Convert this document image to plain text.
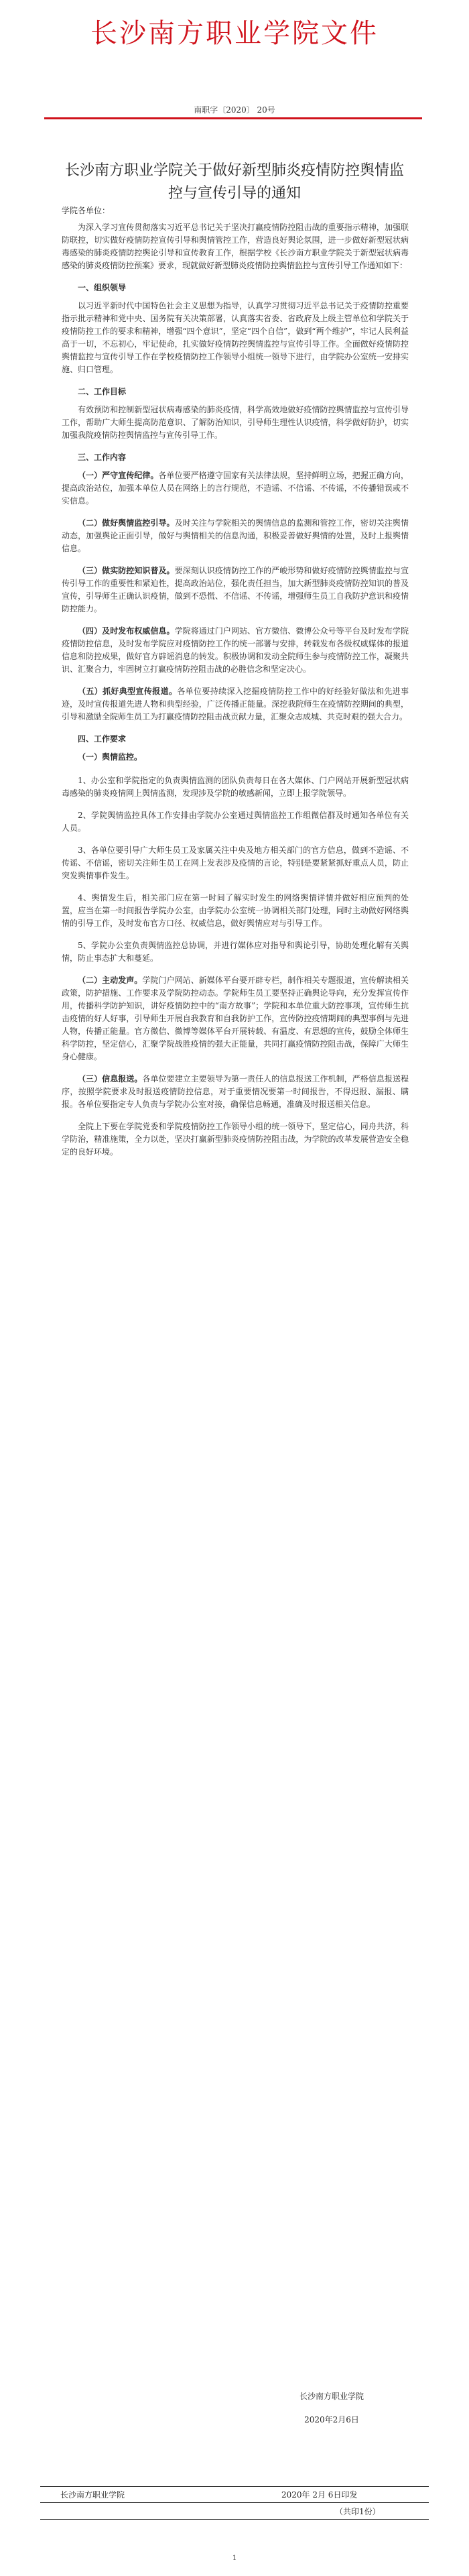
长沙南方职业学院文件
南职字〔2020〕 20号
长沙南方职业学院关于做好新型肺炎疫情防控舆情监控与宣传引导的通知

学院各单位：

为深入学习宣传贯彻落实习近平总书记关于坚决打赢疫情防控阻击战的重要指示精神，加强联防联控，切实做好疫情防控宣传引导和舆情管控工作，营造良好舆论氛围，进一步做好新型冠状病毒感染的肺炎疫情防控舆论引导和宣传教育工作，根据学校《长沙南方职业学院关于新型冠状病毒感染的肺炎疫情防控预案》要求，现就做好新型肺炎疫情防控舆情监控与宣传引导工作通知如下：

一、组织领导

以习近平新时代中国特色社会主义思想为指导，认真学习贯彻习近平总书记关于疫情防控重要指示批示精神和党中央、国务院有关决策部署，认真落实省委、省政府及上级主管单位和学院关于疫情防控工作的要求和精神，增强“四个意识”，坚定“四个自信”，做到“两个维护”，牢记人民利益高于一切，不忘初心，牢记使命，扎实做好疫情防控舆情监控与宣传引导工作。全面做好疫情防控舆情监控与宣传引导工作在学校疫情防控工作领导小组统一领导下进行，由学院办公室统一安排实施、归口管理。

二、工作目标

有效预防和控制新型冠状病毒感染的肺炎疫情，科学高效地做好疫情防控舆情监控与宣传引导工作，帮助广大师生提高防范意识、了解防治知识，引导师生理性认识疫情，科学做好防护，切实加强我院疫情防控舆情监控与宣传引导工作。

三、工作内容

（一）严守宣传纪律。各单位要严格遵守国家有关法律法规，坚持鲜明立场，把握正确方向，提高政治站位，加强本单位人员在网络上的言行规范，不造谣、不信谣、不传谣，不传播错误或不实信息。

（二）做好舆情监控引导。及时关注与学院相关的舆情信息的监测和管控工作，密切关注舆情动态，加强舆论正面引导，做好与舆情相关的信息沟通，积极妥善做好舆情的处置，及时上报舆情信息。

（三）做实防控知识普及。要深刻认识疫情防控工作的严峻形势和做好疫情防控舆情监控与宣传引导工作的重要性和紧迫性，提高政治站位，强化责任担当，加大新型肺炎疫情防控知识的普及宣传，引导师生正确认识疫情，做到不恐慌、不信谣、不传谣，增强师生员工自我防护意识和疫情防控能力。

（四）及时发布权威信息。学院将通过门户网站、官方微信、微博公众号等平台及时发布学院疫情防控信息，及时发布学院应对疫情防控工作的统一部署与安排，转载发布各级权威媒体的报道信息和防控成果，做好官方辟谣消息的转发。积极协调和发动全院师生参与疫情防控工作，凝聚共识、汇聚合力，牢固树立打赢疫情防控阻击战的必胜信念和坚定决心。

（五）抓好典型宣传报道。各单位要持续深入挖掘疫情防控工作中的好经验好做法和先进事迹，及时宣传报道先进人物和典型经验，广泛传播正能量。深挖我院师生在疫情防控期间的典型，引导和激励全院师生员工为打赢疫情防控阻击战贡献力量，汇聚众志成城、共克时艰的强大合力。

四、工作要求

（一）舆情监控。

1、办公室和学院指定的负责舆情监测的团队负责每日在各大媒体、门户网站开展新型冠状病毒感染的肺炎疫情网上舆情监测，发现涉及学院的敏感新闻，立即上报学院领导。

2、学院舆情监控具体工作安排由学院办公室通过舆情监控工作组微信群及时通知各单位有关人员。

3、各单位要引导广大师生员工及家属关注中央及地方相关部门的官方信息，做到不造谣、不传谣、不信谣，密切关注师生员工在网上发表涉及疫情的言论，特别是要紧紧抓好重点人员，防止突发舆情事件发生。

4、舆情发生后，相关部门应在第一时间了解实时发生的网络舆情详情并做好相应预判的处置，应当在第一时间报告学院办公室，由学院办公室统一协调相关部门处理，同时主动做好网络舆情的引导工作，及时发布官方口径、权威信息，做好舆情应对与引导工作。

5、学院办公室负责舆情监控总协调，并进行媒体应对指导和舆论引导，协助处理化解有关舆情，防止事态扩大和蔓延。

（二）主动发声。学院门户网站、新媒体平台要开辟专栏，制作相关专题报道，宣传解读相关政策，防护措施、工作要求及学院防控动态。学院师生员工要坚持正确舆论导向，充分发挥宣传作用，传播科学防护知识，讲好疫情防控中的“南方故事”；学院和本单位重大防控事项，宣传师生抗击疫情的好人好事，引导师生开展自我教育和自我防护工作，宣传防控疫情期间的典型事例与先进人物，传播正能量。官方微信、微博等媒体平台开展转载、有温度、有思想的宣传，鼓励全体师生科学防控，坚定信心，汇聚学院战胜疫情的强大正能量，共同打赢疫情防控阻击战，保障广大师生身心健康。

（三）信息报送。各单位要建立主要领导为第一责任人的信息报送工作机制，严格信息报送程序，按照学院要求及时报送疫情防控信息，对于重要情况要第一时间报告，不得迟报、漏报、瞒报。各单位要指定专人负责与学院办公室对接，确保信息畅通，准确及时报送相关信息。

全院上下要在学院党委和学院疫情防控工作领导小组的统一领导下，坚定信心，同舟共济，科学防治，精准施策，全力以赴，坚决打赢新型肺炎疫情防控阻击战，为学院的改革发展营造安全稳定的良好环境。

长沙南方职业学院
2020年2月6日
长沙南方职业学院	2020年 2月 6日印发
（共印1份）
1
